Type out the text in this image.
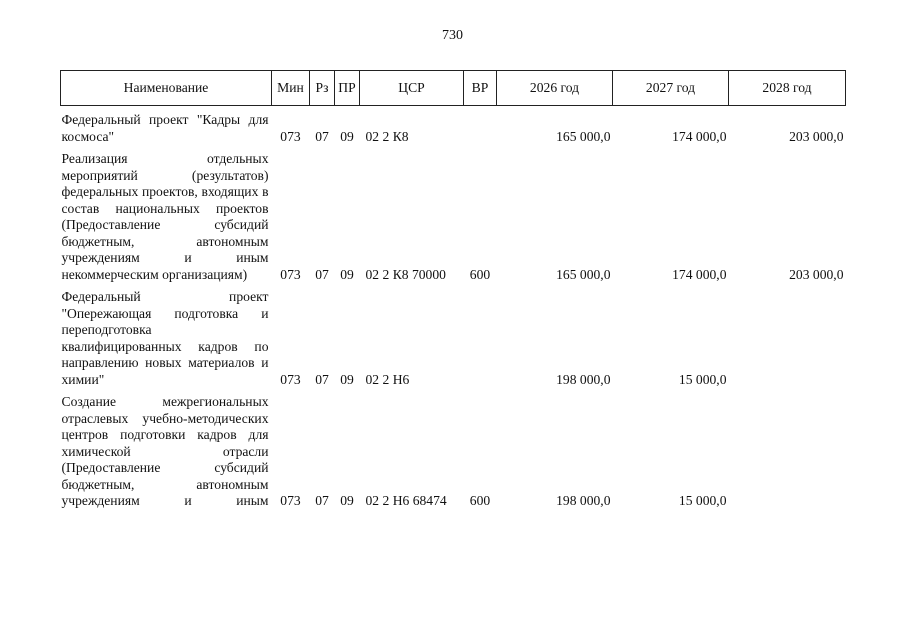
730
Наименование	Мин	Рз	ПР	ЦСР	ВР	2026 год	2027 год	2028 год

Федеральный проект "Кадры для космоса"	073	07	09	02 2 К8		165 000,0	174 000,0	203 000,0

Реализация отдельных мероприятий (результатов) федеральных проектов, входящих в состав национальных проектов (Предоставление субсидий бюджетным, автономным учреждениям и иным некоммерческим организациям)	073	07	09	02 2 К8 70000	600	165 000,0	174 000,0	203 000,0

Федеральный проект "Опережающая подготовка и переподготовка квалифицированных кадров по направлению новых материалов и химии"	073	07	09	02 2 Н6		198 000,0	15 000,0	

Создание межрегиональных отраслевых учебно-методических центров подготовки кадров для химической отрасли (Предоставление субсидий бюджетным, автономным учреждениям и иным	073	07	09	02 2 Н6 68474	600	198 000,0	15 000,0	
